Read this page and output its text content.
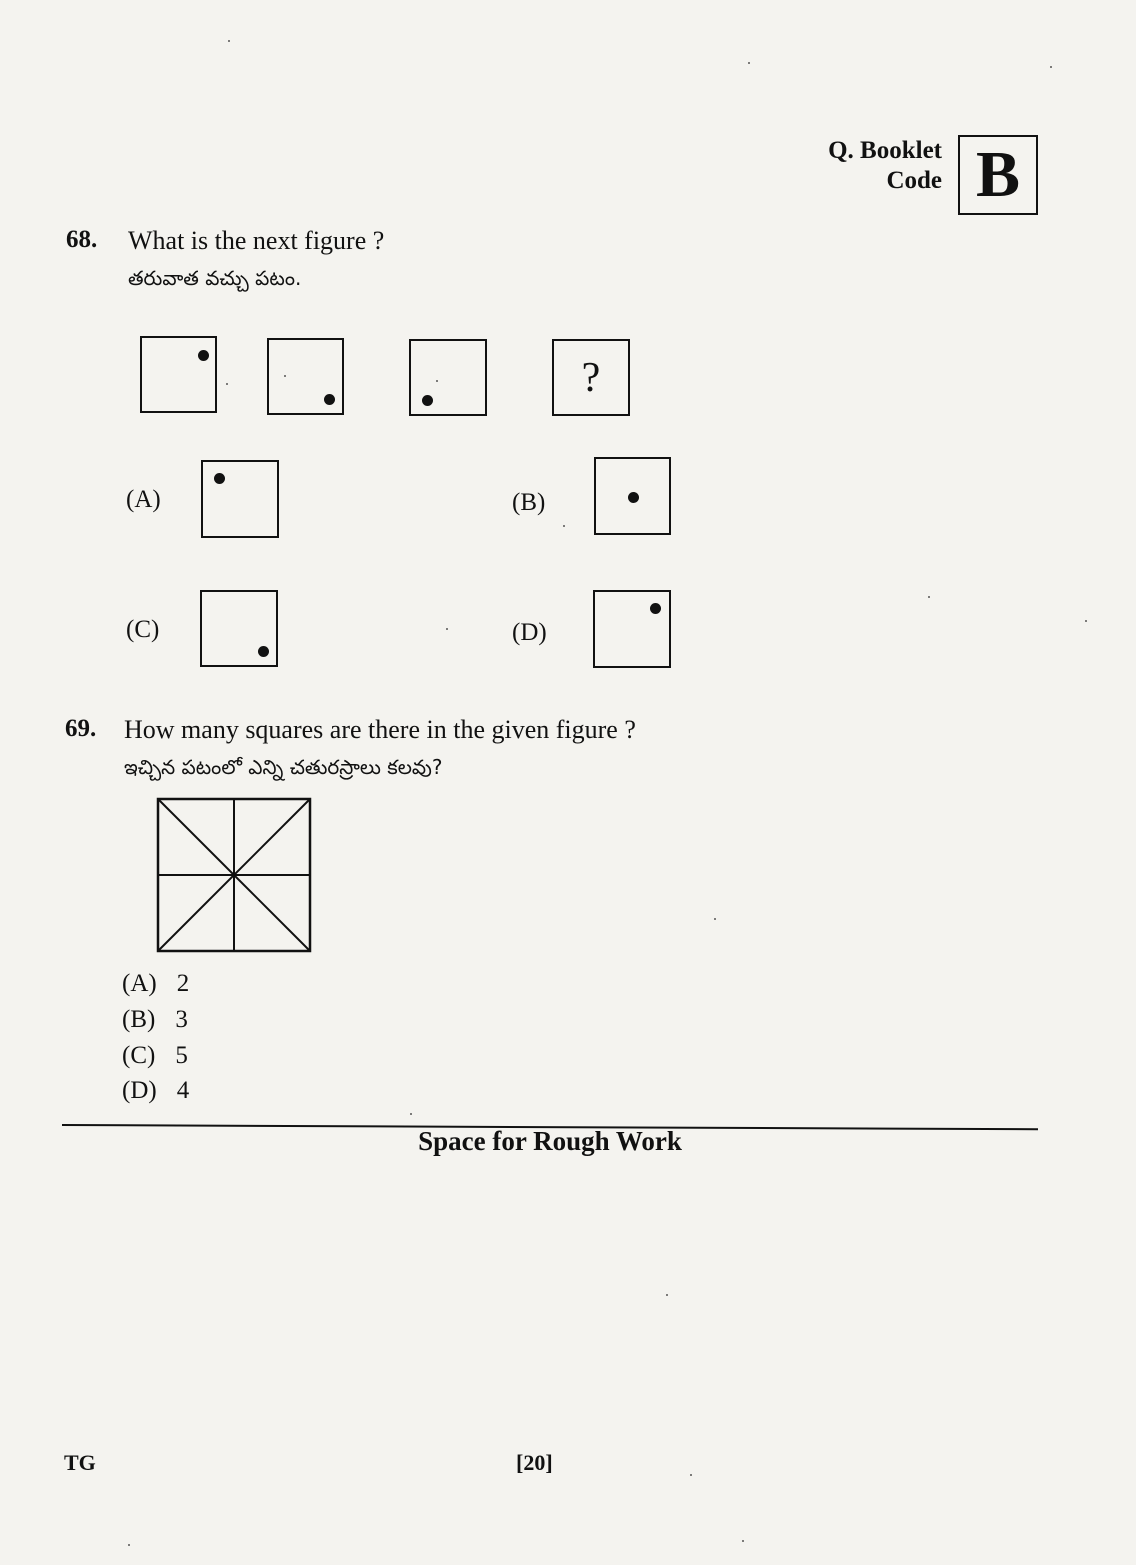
Q. Booklet
Code B
68. What is the next figure ?
తరువాత వచ్చు పటం.
?
(A)	(B)
(C)	(D)
69. How many squares are there in the given figure ?
ఇచ్చిన పటంలో ఎన్ని చతురస్రాలు కలవు?
(A) 2
(B) 3
(C) 5
(D) 4
Space for Rough Work
TG	[20]
